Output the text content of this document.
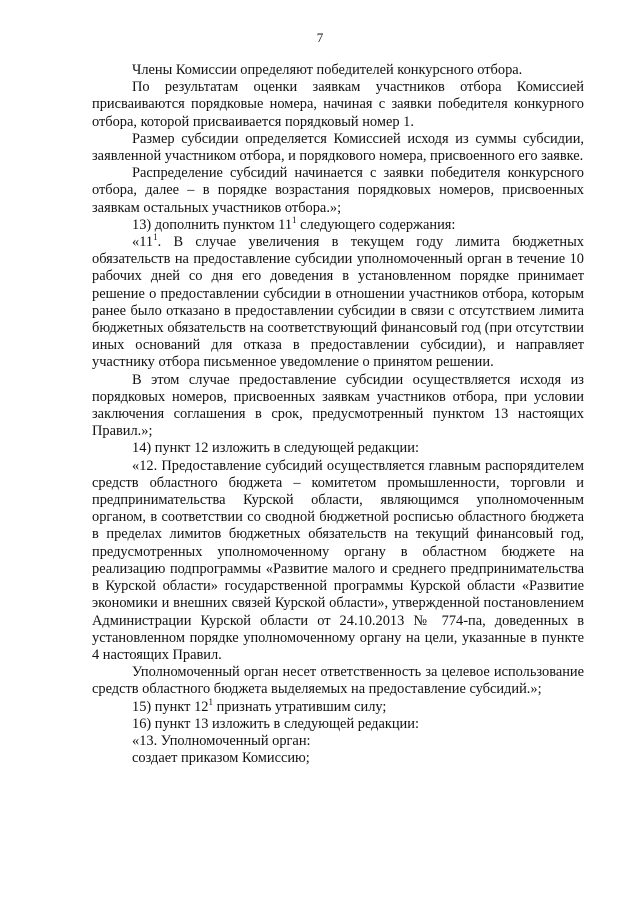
7

Члены Комиссии определяют победителей конкурсного отбора.

По результатам оценки заявкам участников отбора Комиссией присваиваются порядковые номера, начиная с заявки победителя конкурного отбора, которой присваивается порядковый номер 1.

Размер субсидии определяется Комиссией исходя из суммы субсидии, заявленной участником отбора, и порядкового номера, присвоенного его заявке.

Распределение субсидий начинается с заявки победителя конкурсного отбора, далее – в порядке возрастания порядковых номеров, присвоенных заявкам остальных участников отбора.»;

13) дополнить пунктом $11^1$ следующего содержания:

«$11^1$. В случае увеличения в текущем году лимита бюджетных обязательств на предоставление субсидии уполномоченный орган в течение 10 рабочих дней со дня его доведения в установленном порядке принимает решение о предоставлении субсидии в отношении участников отбора, которым ранее было отказано в предоставлении субсидии в связи с отсутствием лимита бюджетных обязательств на соответствующий финансовый год (при отсутствии иных оснований для отказа в предоставлении субсидии), и направляет участнику отбора письменное уведомление о принятом решении.

В этом случае предоставление субсидии осуществляется исходя из порядковых номеров, присвоенных заявкам участников отбора, при условии заключения соглашения в срок, предусмотренный пунктом 13 настоящих Правил.»;

14) пункт 12 изложить в следующей редакции:

«12. Предоставление субсидий осуществляется главным распорядителем средств областного бюджета – комитетом промышленности, торговли и предпринимательства Курской области, являющимся уполномоченным органом, в соответствии со сводной бюджетной росписью областного бюджета в пределах лимитов бюджетных обязательств на текущий финансовый год, предусмотренных уполномоченному органу в областном бюджете на реализацию подпрограммы «Развитие малого и среднего предпринимательства в Курской области» государственной программы Курской области «Развитие экономики и внешних связей Курской области», утвержденной постановлением Администрации Курской области от 24.10.2013 № 774-па, доведенных в установленном порядке уполномоченному органу на цели, указанные в пункте 4 настоящих Правил.

Уполномоченный орган несет ответственность за целевое использование средств областного бюджета выделяемых на предоставление субсидий.»;

15) пункт $12^1$ признать утратившим силу;

16) пункт 13 изложить в следующей редакции:

«13. Уполномоченный орган:

создает приказом Комиссию;
